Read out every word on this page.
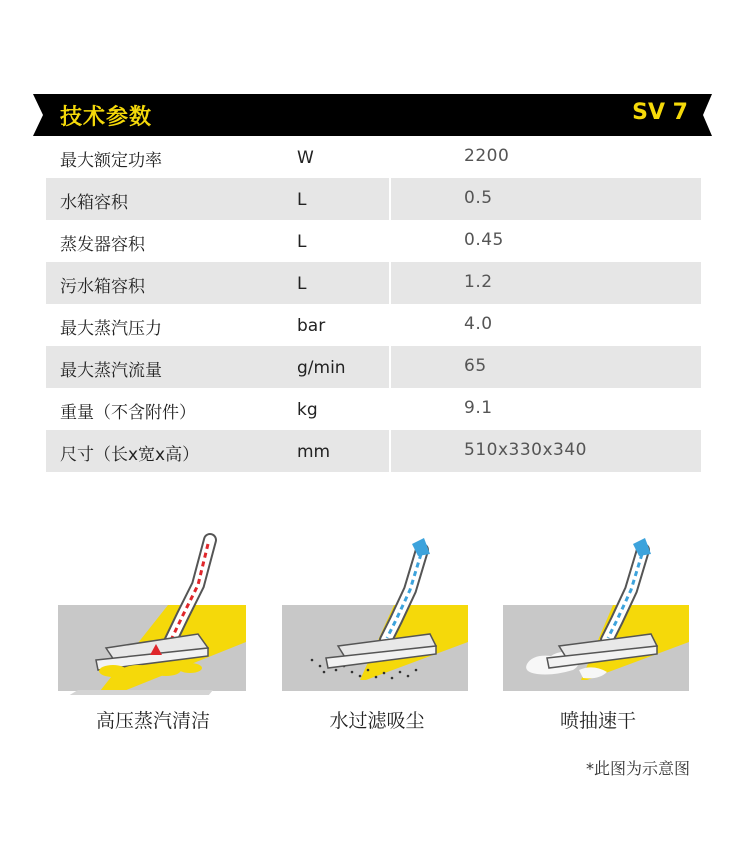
技术参数	SV 7
最大额定功率	W	2200
水箱容积	L	0.5
蒸发器容积	L	0.45
污水箱容积	L	1.2
最大蒸汽压力	bar	4.0
最大蒸汽流量	g/min	65
重量（不含附件）	kg	9.1
尺寸（长x宽x高）	mm	510x330x340
高压蒸汽清洁	水过滤吸尘	喷抽速干
*此图为示意图
